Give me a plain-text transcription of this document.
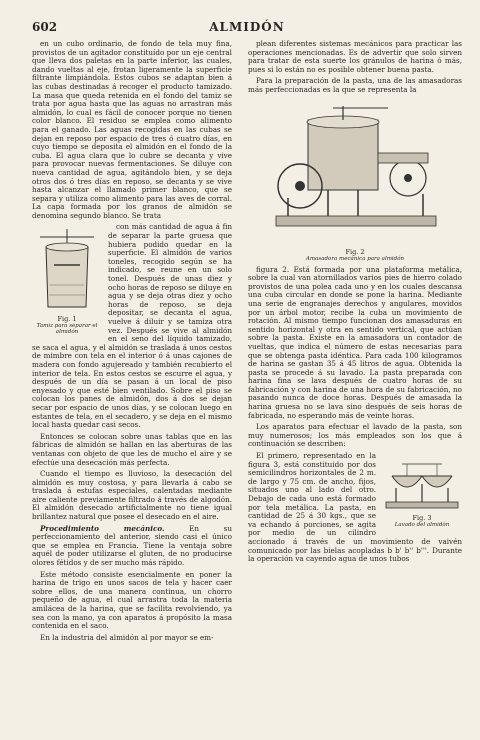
602	ALMIDÓN

en un cubo ordinario, de fondo de tela muy fina, provistos de un agitador constituído por un eje central que lleva dos paletas en la parte inferior, las cuales, dando vueltas al eje, frotan ligeramente la superficie filtrante limpiándola. Estos cubos se adaptan bien á las cubas destinadas á recoger el producto tamizado. La masa que queda retenida en el fondo del tamiz se trata por agua hasta que las aguas no arrastran más almidón, lo cual es fácil de conocer porque no tienen color blanco. El residuo se emplea como alimento para el ganado. Las aguas recogidas en las cubas se dejan en reposo por espacio de tres ó cuatro días, en cuyo tiempo se deposita el almidón en el fondo de la cuba. El agua clara que lo cubre se decanta y vive para provocar nuevas fermentaciones. Se diluye con nueva cantidad de agua, agitándolo bien, y se deja otros dos ó tres días en reposo, se decanta y se vive hasta alcanzar el llamado primer blanco, que se separa y utiliza como alimento para las aves de corral. La capa formada por los granos de almidón se denomina segundo blanco. Se trata

Fig. 1
Tamiz para separar el almidón

con más cantidad de agua á fin de separar la parte gruesa que hubiera podido quedar en la superficie. El almidón de varios toneles, recogido según se ha indicado, se reune en un solo tonel. Después de unas diez y ocho horas de reposo se diluye en agua y se deja otras diez y ocho horas de reposo, se deja depositar, se decanta el agua, vuelve á diluir y se tamiza otra vez. Después se vive al almidón en el seno del líquido tamizado, se saca el agua, y el almidón se traslada á unos cestos de mimbre con tela en el interior ó á unas cajones de madera con fondo agujereado y también recubierto el interior de tela. En estos cestos se escurre el agua, y después de un día se pasan á un local de piso enyesado y que esté bien ventilado. Sobre el piso se colocan los panes de almidón, dos á dos se dejan secar por espacio de unos días, y se colocan luego en estantes de tela, en el secadero, y se deja en el mismo local hasta quedar casi secos.

Entonces se colocan sobre unas tablas que en las fábricas de almidón se hallan en las aberturas de las ventanas con objeto de que les de mucho el aire y se efectúe una desecación más perfecta.

Cuando el tiempo es lluvioso, la desecación del almidón es muy costosa, y para llevarla á cabo se traslada á estufas especiales, calentadas mediante aire caliente previamente filtrado á través de algodón. El almidón desecado artificialmente no tiene igual brillantez natural que posee el desecado en el aire.

Procedimiento mecánico.	En su perfeccionamiento del anterior, siendo casi el único que se emplea en Francia. Tiene la ventaja sobre aquél de poder utilizarse el gluten, de no producirse olores fétidos y de ser mucho más rápido.

Este método consiste esencialmente en poner la harina de trigo en unos sacos de tela y hacer caer sobre ellos, de una manera continua, un chorro pequeño de agua, el cual arrastra toda la materia amilácea de la harina, que se facilita revolviendo, ya sea con la mano, ya con aparatos á propósito la masa contenida en el saco.

En la industria del almidón al por mayor se em-

plean diferentes sistemas mecánicos para practicar las operaciones mencionadas. Es de advertir que solo sirven para tratar de esta suerte los gránulos de harina ó más, pues si lo están no es posible obtener buena pasta.

Para la preparación de la pasta, una de las amasadoras más perfeccionadas es la que se representa la

Fig. 2
Amasadora mecánica para almidón

figura 2. Está formada por una plataforma metálica, sobre la cual van atornillados varios pies de hierro colado provistos de una polea cada uno y en los cuales descansa una cuba circular en donde se pone la harina. Mediante una serie de engranajes derechos y angulares, movidos por un árbol motor, recibe la cuba un movimiento de rotación. Al mismo tiempo funcionan dos amasaduras en sentido horizontal y otra en sentido vertical, que actúan sobre la pasta. Existe en la amasadora un contador de vueltas, que indica el número de estas necesarias para que se obtenga pasta idéntica. Para cada 100 kilogramos de harina se gastan 35 á 45 litros de agua. Obtenida la pasta se procede á su lavado. La pasta preparada con harina fina se lava después de cuatro horas de su fabricación y con harina de una hora de su fabricación, no pasando nunca de doce horas. Después de amasada la harina gruesa no se lava sino después de seis horas de fabricada, no esperando más de veinte horas.

Los aparatos para efectuar el lavado de la pasta, son muy numerosos; los más empleados son los que á continuación se describen:

Fig. 3
Lavado del almidón

El primero, representado en la figura 3, está constituido por dos semicilindros horizontales de 2 m. de largo y 75 cm. de ancho, fijos, situados uno al lado del otro. Debajo de cada uno está formado por tela metálica. La pasta, en cantidad de 25 á 30 kgs., que se va echando á porciones, se agita por medio de un cilindro accionado á través de un movimiento de vaivén comunicado por las bielas acopladas b b' b'' b'''. Durante la operación va cayendo agua de unos tubos
